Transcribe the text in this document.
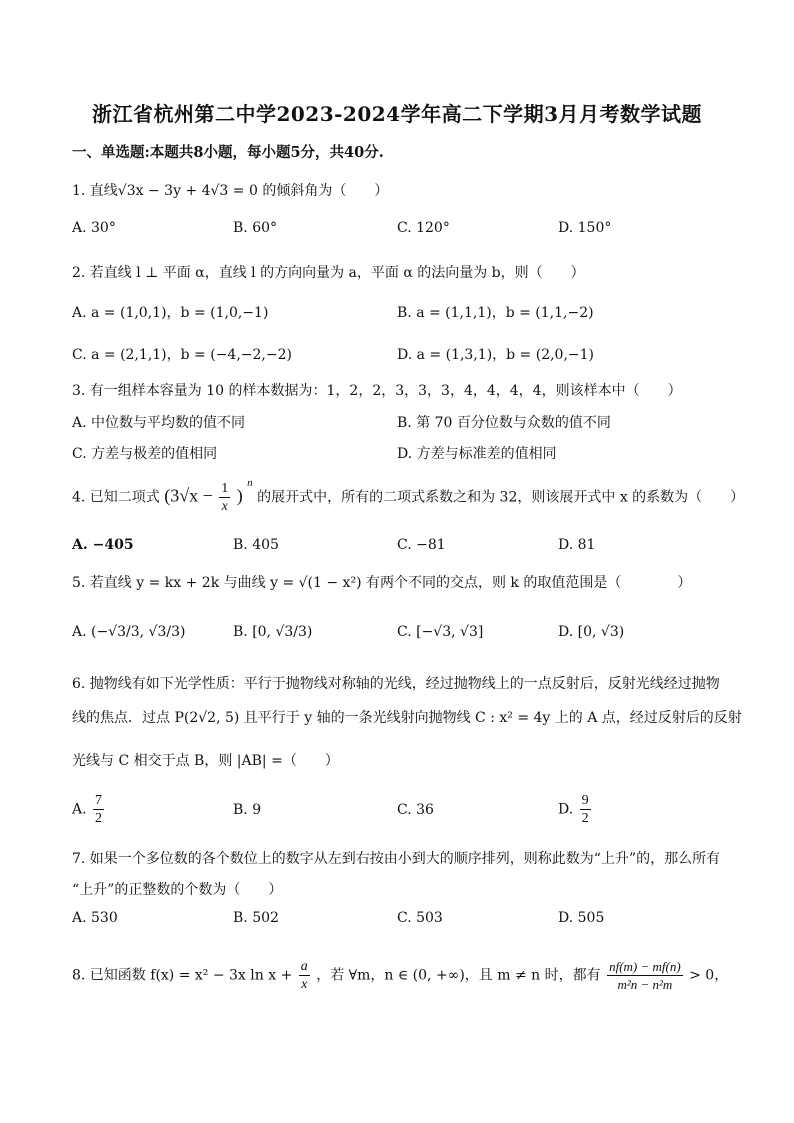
浙江省杭州第二中学2023-2024学年高二下学期3月月考数学试题
一、单选题:本题共8小题，每小题5分，共40分.
1. 直线√3x − 3y + 4√3 = 0 的倾斜角为（　　）
A. 30°	B. 60°	C. 120°	D. 150°
2. 若直线 l ⊥ 平面 α，直线 l 的方向向量为 a，平面 α 的法向量为 b，则（　　）
A. a = (1,0,1)，b = (1,0,−1)	B. a = (1,1,1)，b = (1,1,−2)
C. a = (2,1,1)，b = (−4,−2,−2)	D. a = (1,3,1)，b = (2,0,−1)
3. 有一组样本容量为 10 的样本数据为：1，2，2，3，3，3，4，4，4，4，则该样本中（　　）
A. 中位数与平均数的值不同	B. 第 70 百分位数与众数的值不同
C. 方差与极差的值相同	D. 方差与标准差的值相同
4. 已知二项式 ($3√x - \frac{1}{x}$ ) $^n$ 的展开式中，所有的二项式系数之和为 32，则该展开式中 x 的系数为（　　）
A. −405	B. 405	C. −81	D. 81
5. 若直线 y = kx + 2k 与曲线 y = √(1 − x²) 有两个不同的交点，则 k 的取值范围是（　　　　）
A. (−√3/3, √3/3)	B. [0, √3/3)	C. [−√3, √3]	D. [0, √3)
6. 抛物线有如下光学性质：平行于抛物线对称轴的光线，经过抛物线上的一点反射后，反射光线经过抛物
线的焦点．过点 P(2√2, 5) 且平行于 y 轴的一条光线射向抛物线 C : x² = 4y 上的 A 点，经过反射后的反射
光线与 C 相交于点 B，则 |AB| =（　　）
A. $\frac{7}{2}$	B. 9	C. 36	D. $\frac{9}{2}$
7. 如果一个多位数的各个数位上的数字从左到右按由小到大的顺序排列，则称此数为“上升”的，那么所有
“上升”的正整数的个数为（　　）
A. 530	B. 502	C. 503	D. 505
8. 已知函数 f(x) = x² − 3x $\ln x + \frac{a}{x}$ ，若 ∀m，n ∈ (0, +∞)，且 m ≠ n 时，都有 $\frac{nf(m) - mf(n)}{\text{m²n − n²m}} > 0$，
